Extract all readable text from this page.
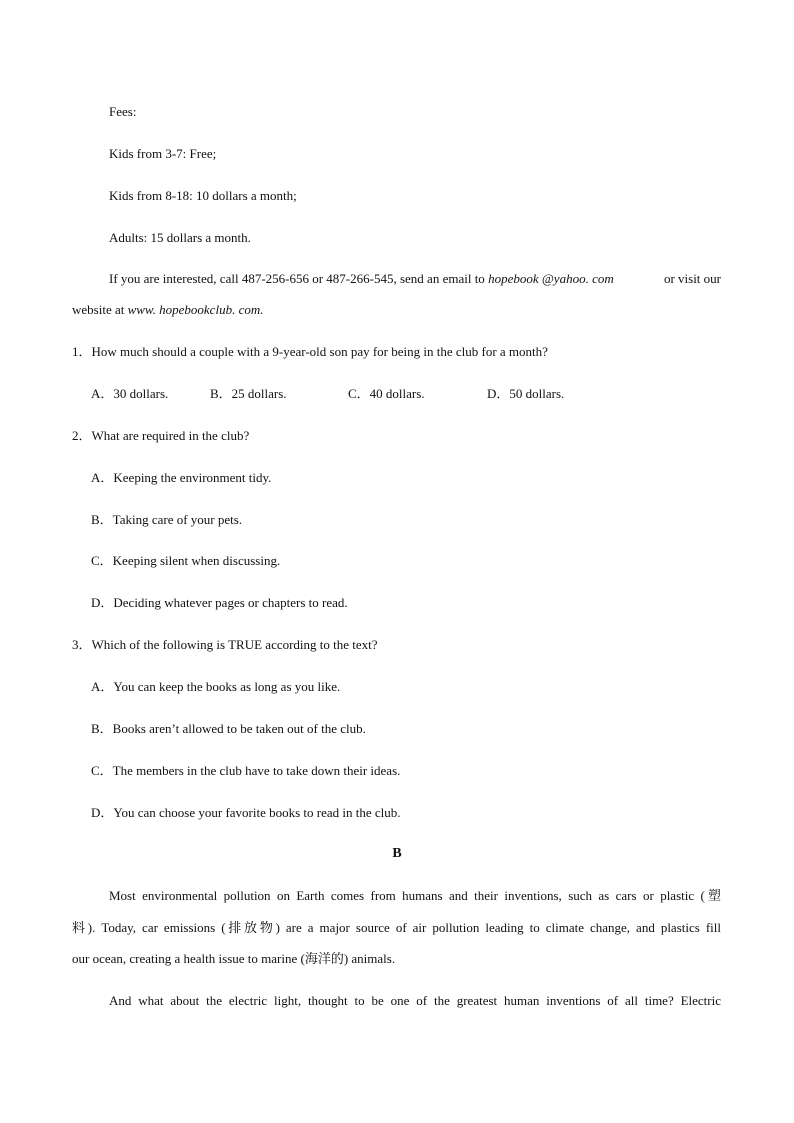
Fees:
Kids from 3-7: Free;
Kids from 8-18: 10 dollars a month;
Adults: 15 dollars a month.
If you are interested, call 487-256-656 or 487-266-545, send an email to hopebook @yahoo. com	or visit our
website at www. hopebookclub. com.
1．How much should a couple with a 9-year-old son pay for being in the club for a month?
A．30 dollars.	B．25 dollars.	C．40 dollars.	D．50 dollars.
2．What are required in the club?
A．Keeping the environment tidy.
B．Taking care of your pets.
C．Keeping silent when discussing.
D．Deciding whatever pages or chapters to read.
3．Which of the following is TRUE according to the text?
A．You can keep the books as long as you like.
B．Books aren’t allowed to be taken out of the club.
C．The members in the club have to take down their ideas.
D．You can choose your favorite books to read in the club.
B
Most environmental pollution on Earth comes from humans and their inventions, such as cars or plastic (塑
料). Today, car emissions (排放物) are a major source of air pollution leading to climate change, and plastics fill
our ocean, creating a health issue to marine (海洋的) animals.
And what about the electric light, thought to be one of the greatest human inventions of all time? Electric
